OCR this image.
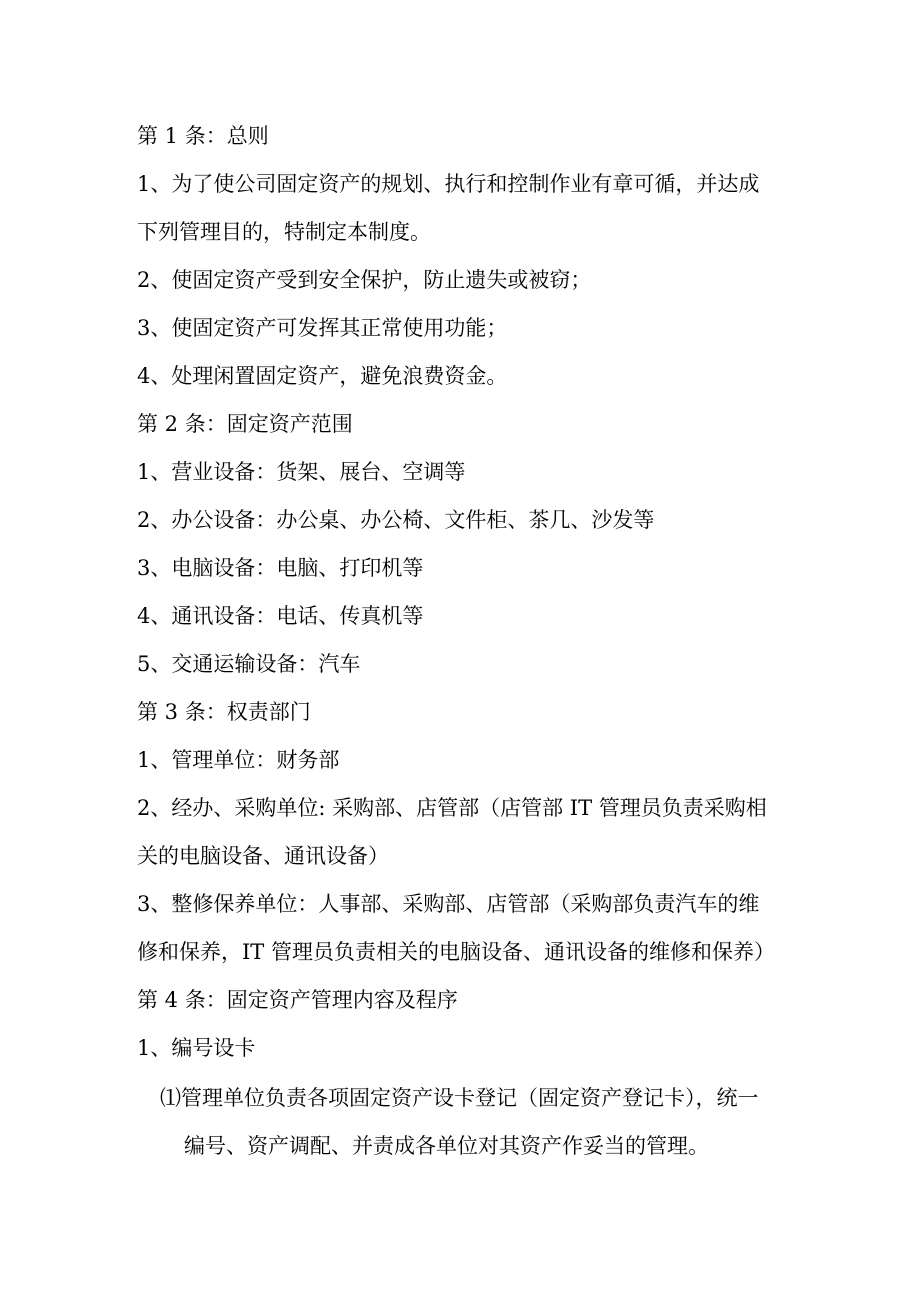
第 1 条：总则
1、为了使公司固定资产的规划、执行和控制作业有章可循，并达成
下列管理目的，特制定本制度。
2、使固定资产受到安全保护，防止遗失或被窃；
3、使固定资产可发挥其正常使用功能；
4、处理闲置固定资产，避免浪费资金。
第 2 条：固定资产范围
1、营业设备：货架、展台、空调等
2、办公设备：办公桌、办公椅、文件柜、茶几、沙发等
3、电脑设备：电脑、打印机等
4、通讯设备：电话、传真机等
5、交通运输设备：汽车
第 3 条：权责部门
1、管理单位：财务部
2、经办、采购单位: 采购部、店管部（店管部 IT 管理员负责采购相
关的电脑设备、通讯设备）
3、整修保养单位：人事部、采购部、店管部（采购部负责汽车的维
修和保养，IT 管理员负责相关的电脑设备、通讯设备的维修和保养）
第 4 条：固定资产管理内容及程序
1、编号设卡
⑴管理单位负责各项固定资产设卡登记（固定资产登记卡），统一
编号、资产调配、并责成各单位对其资产作妥当的管理。
